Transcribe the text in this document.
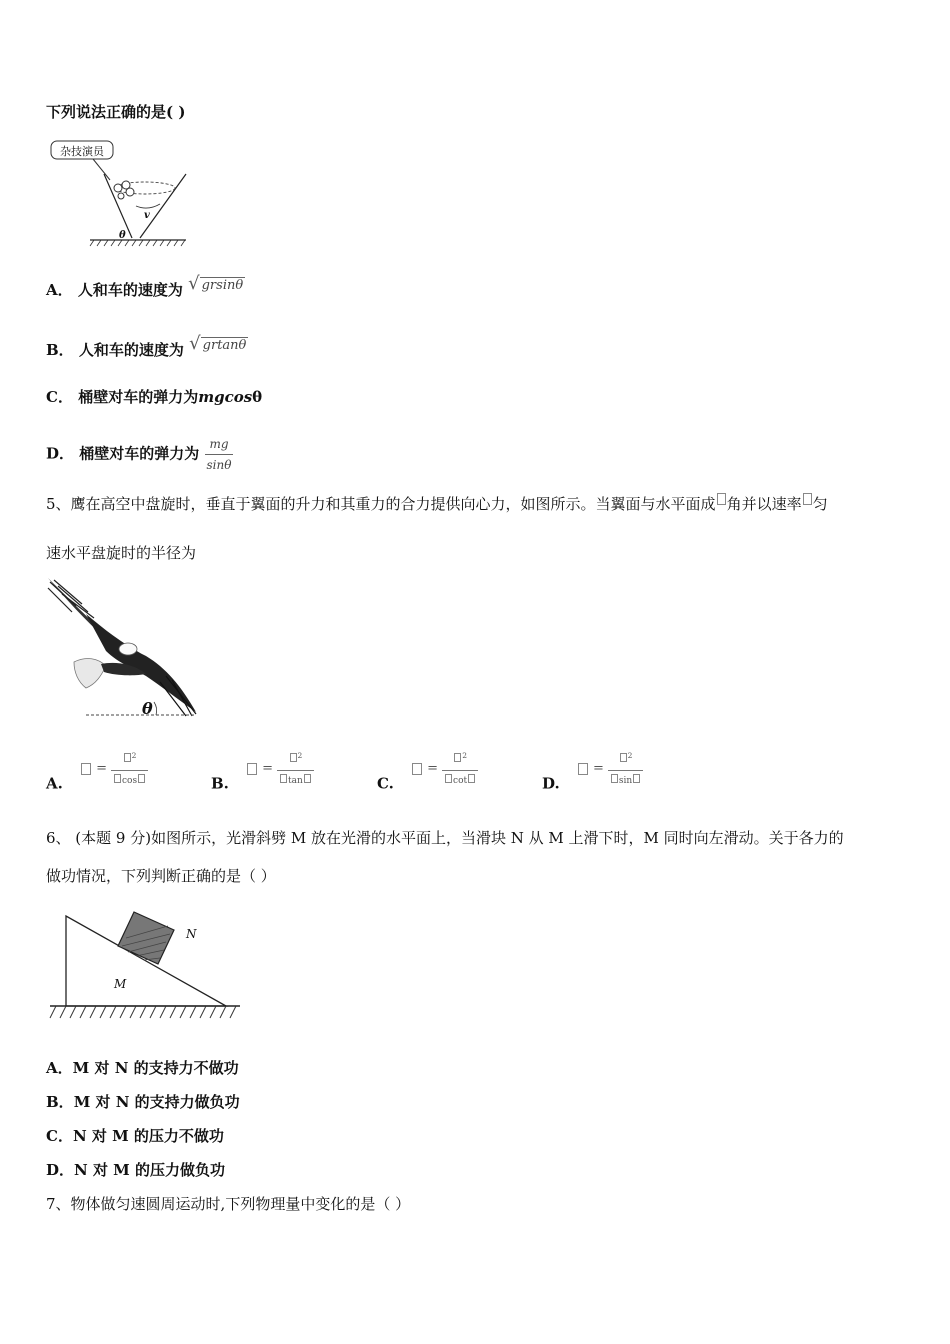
下列说法正确的是( )
杂技演员
v
θ
A． 人和车的速度为 √ grsinθ
B． 人和车的速度为 √ grtanθ
C． 桶壁对车的弹力为mgcosθ
D． 桶壁对车的弹力为 $\frac{mg}{\sin\theta}$
5、鹰在高空中盘旋时，垂直于翼面的升力和其重力的合力提供向心力，如图所示。当翼面与水平面成 角并以速率 匀
速水平盘旋时的半径为
θ
A.
= $\frac{^2}{\cos}$	B.
= $\frac{^2}{\tan}$	C.
= $\frac{^2}{\cot}$	D.
= $\frac{^2}{\sin}$
6、 (本题 9 分)如图所示，光滑斜劈 M 放在光滑的水平面上，当滑块 N 从 M 上滑下时，M 同时向左滑动。关于各力的
做功情况，下列判断正确的是（ ）
N
M
A．M 对 N 的支持力不做功
B．M 对 N 的支持力做负功
C．N 对 M 的压力不做功
D．N 对 M 的压力做负功
7、物体做匀速圆周运动时,下列物理量中变化的是（ ）
